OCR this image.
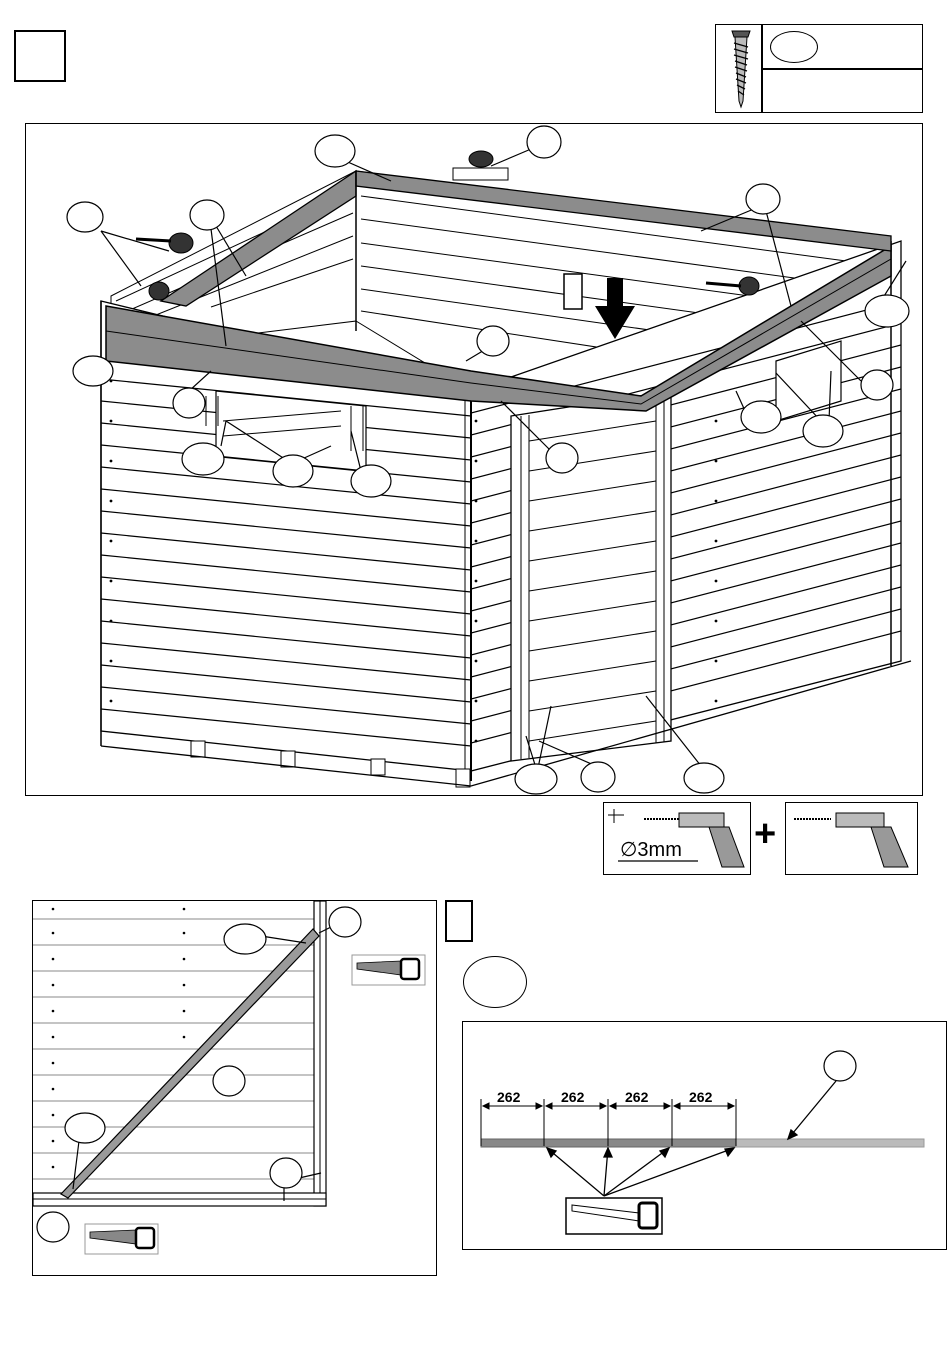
∅3mm +
262	262	262	262
